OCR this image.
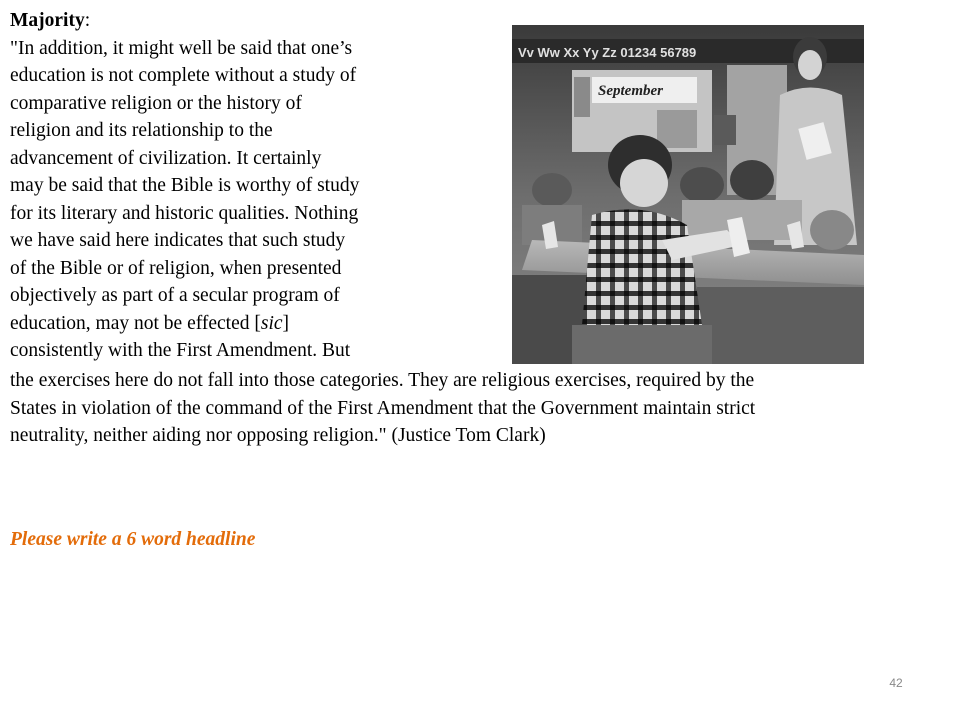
Majority:

"In addition, it might well be said that one’s

education is not complete without a study of

comparative religion or the history of

religion and its relationship to the

advancement of civilization. It certainly

may be said that the Bible is worthy of study

for its literary and historic qualities. Nothing

we have said here indicates that such study

of the Bible or of religion, when presented

objectively as part of a secular program of

education, may not be effected [sic]

consistently with the First Amendment. But

the exercises here do not fall into those categories. They are religious exercises, required by the

States in violation of the command of the First Amendment that the Government maintain strict

neutrality, neither aiding nor opposing religion." (Justice Tom Clark)

Please write a 6 word headline

42
Vv Ww Xx Yy Zz 01234 56789
September
